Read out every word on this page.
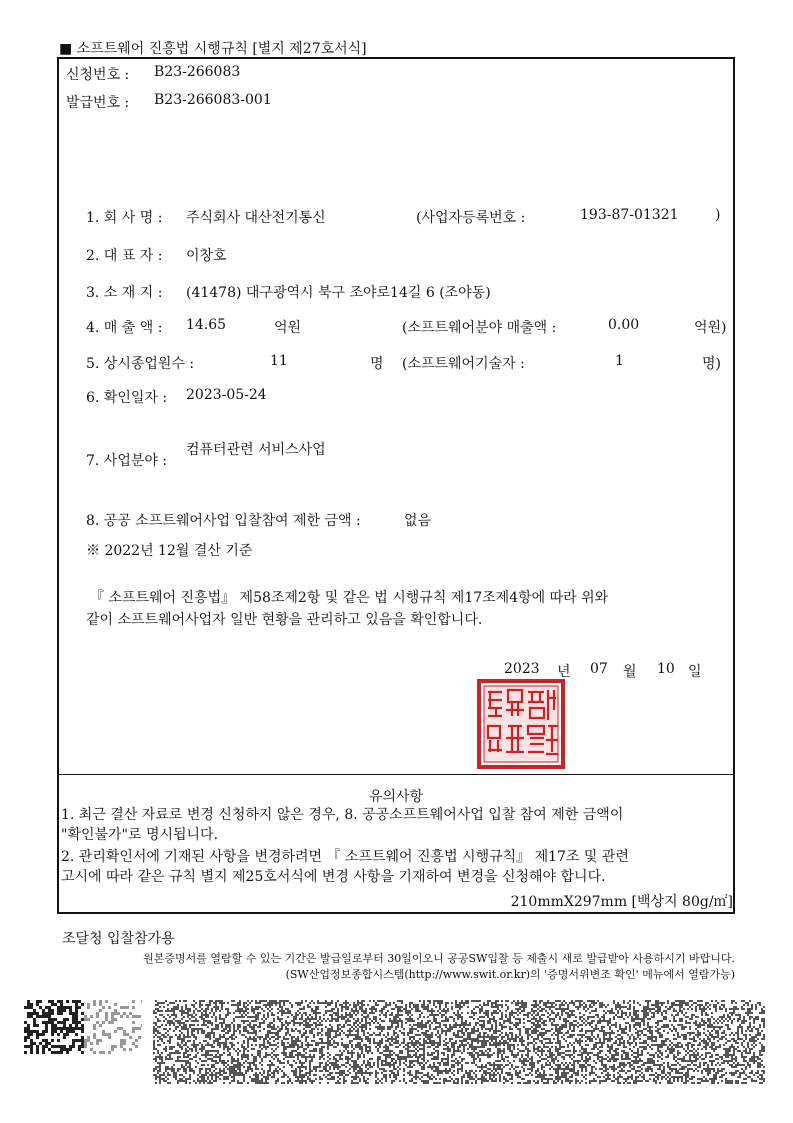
■ 소프트웨어 진흥법 시행규칙 [별지 제27호서식]
신청번호 : B23-266083
발급번호 : B23-266083-001
1. 회 사 명 : 주식회사 대산전기통신	(사업자등록번호 :	193-87-01321	)
2. 대 표 자 : 이창호
3. 소 재 지 : (41478) 대구광역시 북구 조야로14길 6 (조야동)
4. 매 출 액 : 14.65	억원	(소프트웨어분야 매출액 :	0.00	억원)
5. 상시종업원수 :	11	명 (소프트웨어기술자 :	1	명)
6. 확인일자 : 2023-05-24
7. 사업분야 :
컴퓨터관련 서비스사업
8. 공공 소프트웨어사업 입찰참여 제한 금액 :	없음
※ 2022년 12월 결산 기준
『 소프트웨어 진흥법』 제58조제2항 및 같은 법 시행규칙 제17조제4항에 따라 위와
같이 소프트웨어사업자 일반 현황을 관리하고 있음을 확인합니다.
2023 년 07 월 10 일
유의사항
1. 최근 결산 자료로 변경 신청하지 않은 경우, 8. 공공소프트웨어사업 입찰 참여 제한 금액이
"확인불가"로 명시됩니다.
2. 관리확인서에 기재된 사항을 변경하려면 『 소프트웨어 진흥법 시행규칙』 제17조 및 관련
고시에 따라 같은 규칙 별지 제25호서식에 변경 사항을 기재하여 변경을 신청해야 합니다.
210mmX297mm [백상지 80g/㎡]
조달청 입찰참가용
원본증명서를 열람할 수 있는 기간은 발급일로부터 30일이오니 공공SW입찰 등 제출시 새로 발급받아 사용하시기 바랍니다.
(SW산업정보종합시스템(http://www.swit.or.kr)의 '증명서위변조 확인' 메뉴에서 열람가능)
